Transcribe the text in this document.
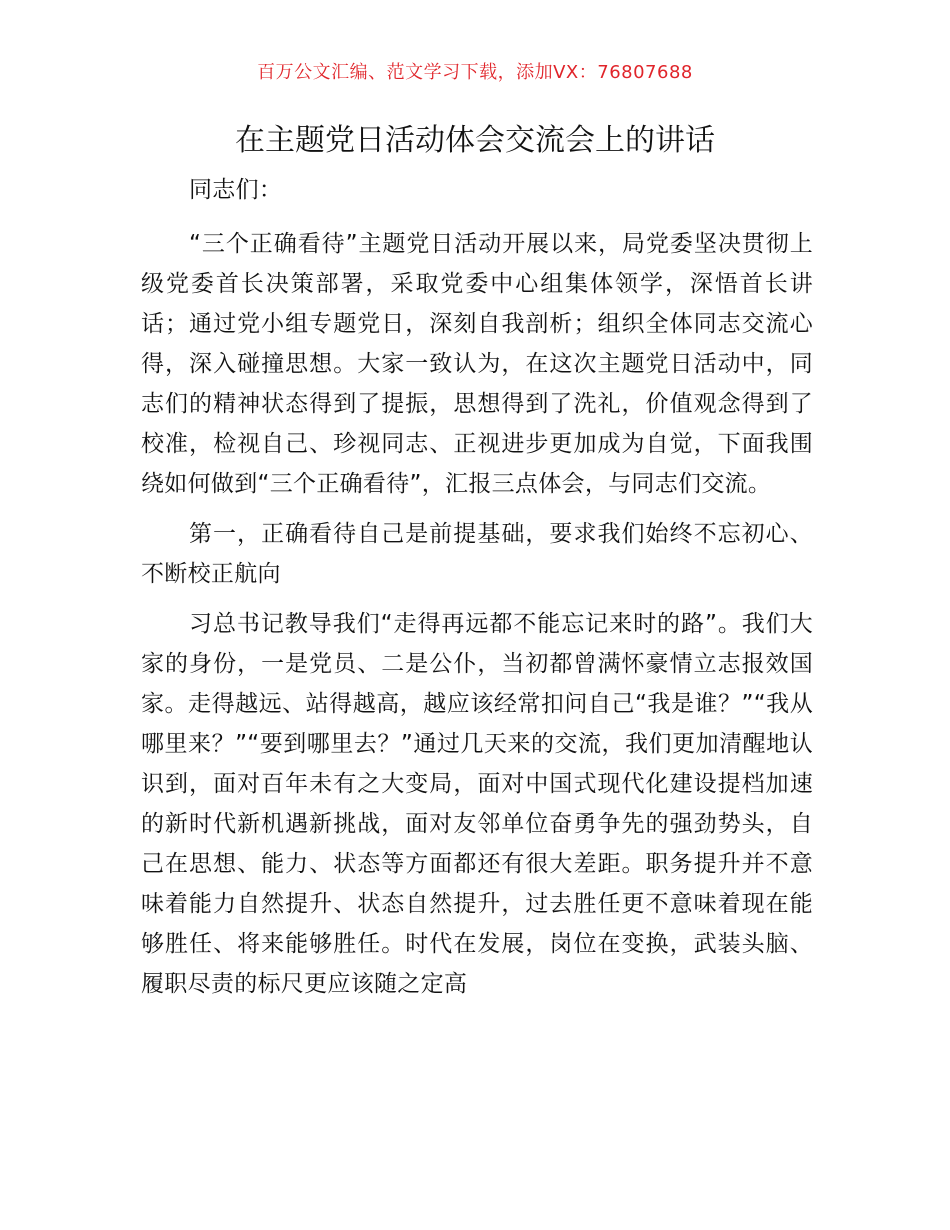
百万公文汇编、范文学习下载，添加VX：76807688
在主题党日活动体会交流会上的讲话

同志们：

“三个正确看待”主题党日活动开展以来，局党委坚决贯彻上级党委首长决策部署，采取党委中心组集体领学，深悟首长讲话；通过党小组专题党日，深刻自我剖析；组织全体同志交流心得，深入碰撞思想。大家一致认为，在这次主题党日活动中，同志们的精神状态得到了提振，思想得到了洗礼，价值观念得到了校准，检视自己、珍视同志、正视进步更加成为自觉，下面我围绕如何做到“三个正确看待”，汇报三点体会，与同志们交流。

第一，正确看待自己是前提基础，要求我们始终不忘初心、不断校正航向

习总书记教导我们“走得再远都不能忘记来时的路”。我们大家的身份，一是党员、二是公仆，当初都曾满怀豪情立志报效国家。走得越远、站得越高，越应该经常扣问自己“我是谁？”“我从哪里来？”“要到哪里去？”通过几天来的交流，我们更加清醒地认识到，面对百年未有之大变局，面对中国式现代化建设提档加速的新时代新机遇新挑战，面对友邻单位奋勇争先的强劲势头，自己在思想、能力、状态等方面都还有很大差距。职务提升并不意味着能力自然提升、状态自然提升，过去胜任更不意味着现在能够胜任、将来能够胜任。时代在发展，岗位在变换，武装头脑、履职尽责的标尺更应该随之定高
